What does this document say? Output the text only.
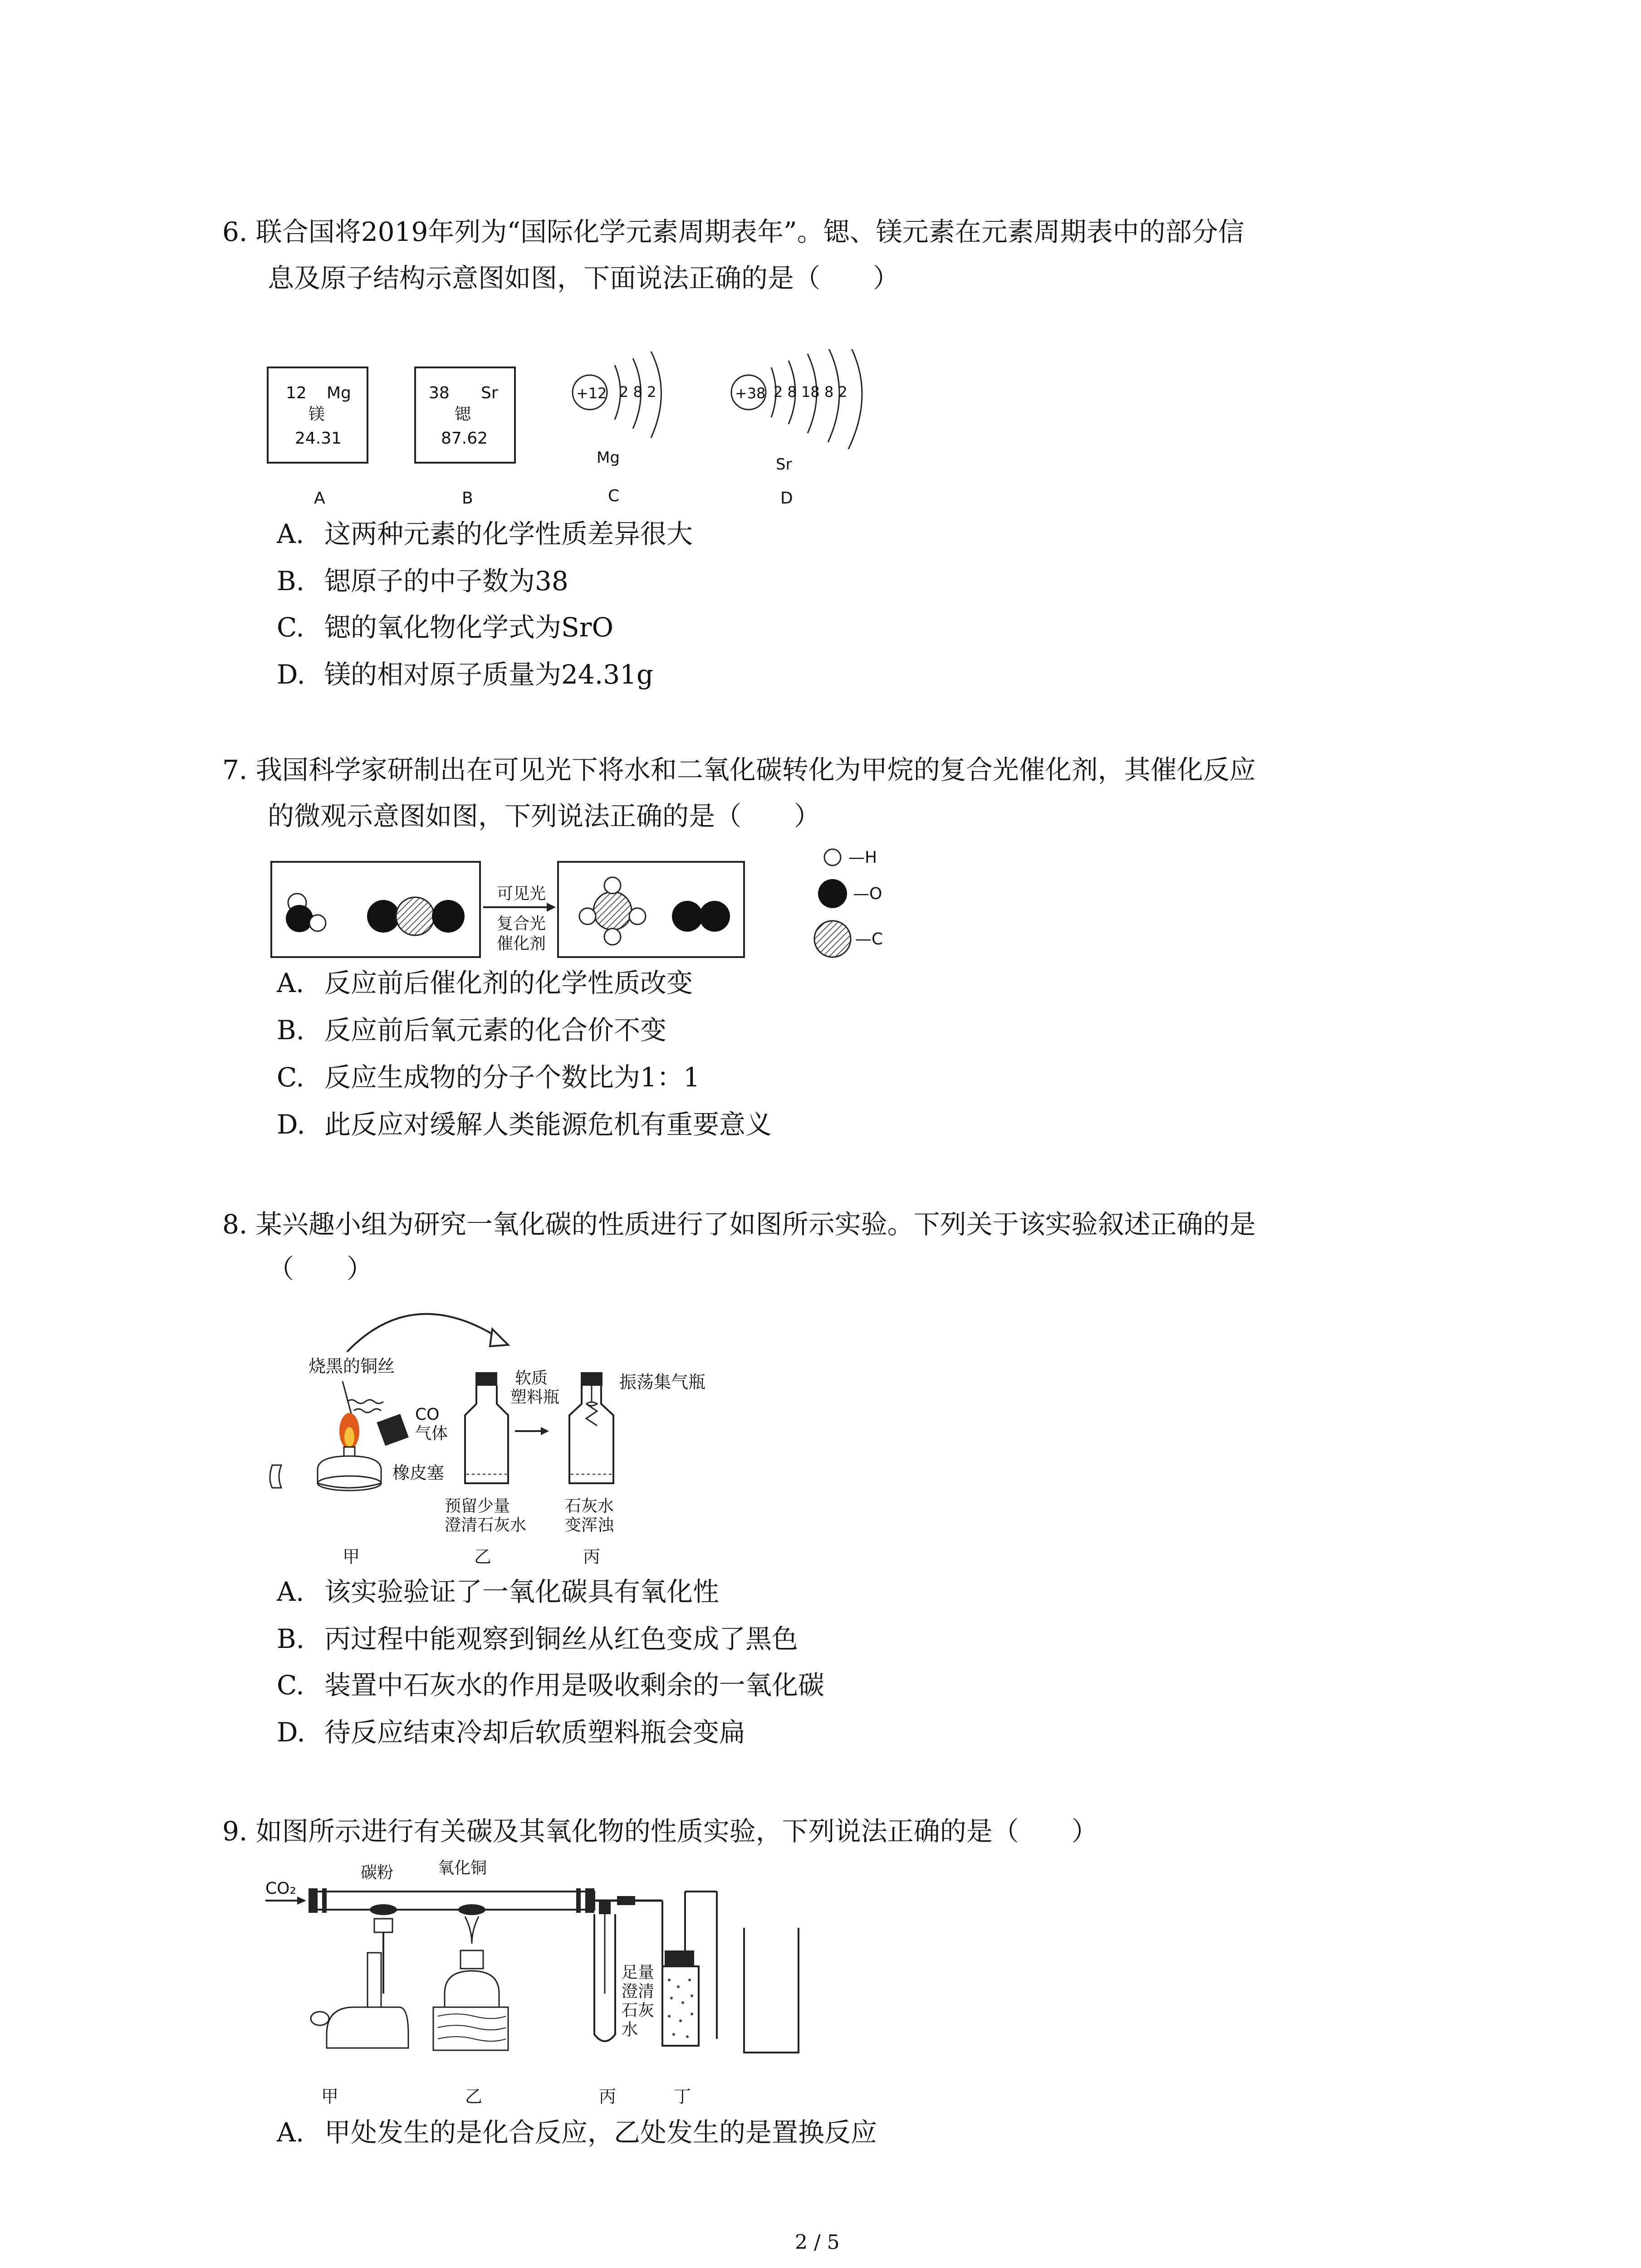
6. 联合国将2019年列为“国际化学元素周期表年”。锶、镁元素在元素周期表中的部分信
息及原子结构示意图如图，下面说法正确的是（　　）
12 Mg
镁
24.31
A
38 Sr
锶
87.62
B
+12 2 8 2
Mg
C
+38 2 8 18 8 2
Sr
D
A. 这两种元素的化学性质差异很大
B. 锶原子的中子数为38
C. 锶的氧化物化学式为SrO
D. 镁的相对原子质量为24.31g
7. 我国科学家研制出在可见光下将水和二氧化碳转化为甲烷的复合光催化剂，其催化反应
的微观示意图如图，下列说法正确的是（　　）
可见光
复合光
催化剂
—H
—O
—C
A. 反应前后催化剂的化学性质改变
B. 反应前后氧元素的化合价不变
C. 反应生成物的分子个数比为1：1
D. 此反应对缓解人类能源危机有重要意义
8. 某兴趣小组为研究一氧化碳的性质进行了如图所示实验。下列关于该实验叙述正确的是
（　　）
烧黑的铜丝
CO
气体
橡皮塞
软质
塑料瓶
振荡集气瓶
预留少量
澄清石灰水
石灰水
变浑浊
甲	乙	丙
A. 该实验验证了一氧化碳具有氧化性
B. 丙过程中能观察到铜丝从红色变成了黑色
C. 装置中石灰水的作用是吸收剩余的一氧化碳
D. 待反应结束冷却后软质塑料瓶会变扁
9. 如图所示进行有关碳及其氧化物的性质实验，下列说法正确的是（　　）
CO₂
碳粉	氧化铜
足量
澄清
石灰
水
甲	乙	丙	丁
A. 甲处发生的是化合反应，乙处发生的是置换反应
2 / 5
